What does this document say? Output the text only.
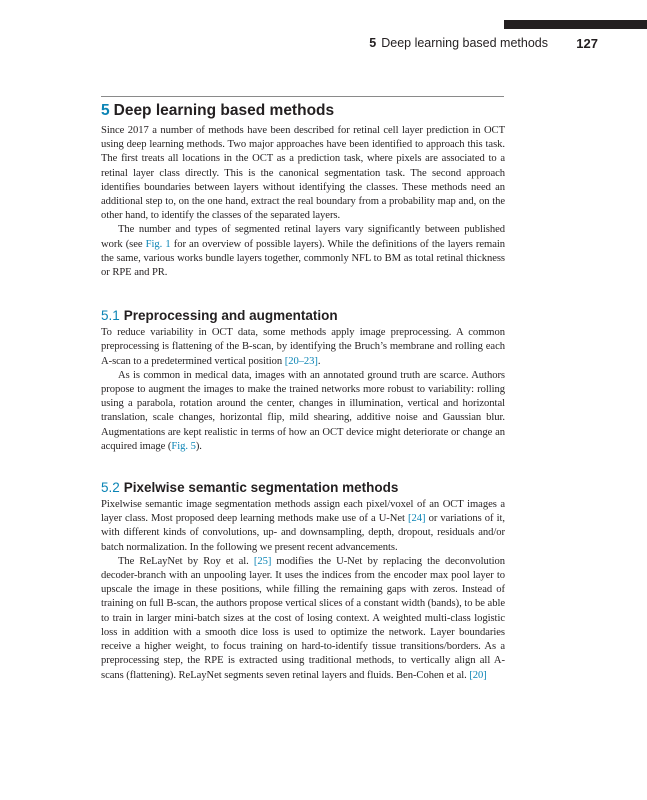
5 Deep learning based methods 127
5 Deep learning based methods

Since 2017 a number of methods have been described for retinal cell layer prediction in OCT using deep learning methods. Two major approaches have been identified to approach this task. The first treats all locations in the OCT as a prediction task, where pixels are associated to a retinal layer class directly. This is the canonical segmentation task. The second approach identifies boundaries between layers without identifying the classes. These methods need an additional step to, on the one hand, extract the real boundary from a probability map and, on the other hand, to identify the classes of the separated layers.

The number and types of segmented retinal layers vary significantly between published work (see Fig. 1 for an overview of possible layers). While the definitions of the layers remain the same, various works bundle layers together, commonly NFL to BM as total retinal thickness or RPE and PR.

5.1 Preprocessing and augmentation

To reduce variability in OCT data, some methods apply image preprocessing. A common preprocessing is flattening of the B-scan, by identifying the Bruch’s membrane and rolling each A-scan to a predetermined vertical position [20–23].

As is common in medical data, images with an annotated ground truth are scarce. Authors propose to augment the images to make the trained networks more robust to variability: rolling using a parabola, rotation around the center, changes in illumination, vertical and horizontal translation, scale changes, horizontal flip, mild shearing, additive noise and Gaussian blur. Augmentations are kept realistic in terms of how an OCT device might deteriorate or change an acquired image (Fig. 5).

5.2 Pixelwise semantic segmentation methods

Pixelwise semantic image segmentation methods assign each pixel/voxel of an OCT images a layer class. Most proposed deep learning methods make use of a U-Net [24] or variations of it, with different kinds of convolutions, up- and downsampling, depth, dropout, residuals and/or batch normalization. In the following we present recent advancements.

The ReLayNet by Roy et al. [25] modifies the U-Net by replacing the deconvolution decoder-branch with an unpooling layer. It uses the indices from the encoder max pool layer to upscale the image in these positions, while filling the remaining gaps with zeros. Instead of training on full B-scan, the authors propose vertical slices of a constant width (bands), to be able to train in larger mini-batch sizes at the cost of losing context. A weighted multi-class logistic loss in addition with a smooth dice loss is used to optimize the network. Layer boundaries receive a higher weight, to focus training on hard-to-identify tissue transitions/borders. As a preprocessing step, the RPE is extracted using traditional methods, to vertically align all A-scans (flattening). ReLayNet segments seven retinal layers and fluids. Ben-Cohen et al. [20]
